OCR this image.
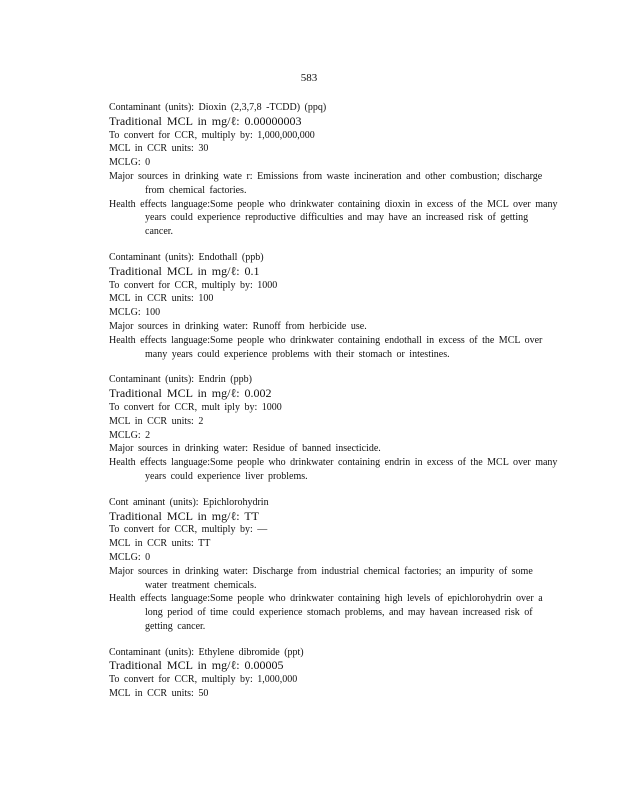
583
Contaminant (units): Dioxin (2,3,7,8 -TCDD) (ppq)
Traditional MCL in mg/ℓ: 0.00000003
To convert for CCR, multiply by: 1,000,000,000
MCL in CCR units: 30
MCLG: 0
Major sources in drinking wate r: Emissions from waste incineration and other combustion; discharge from chemical factories.
Health effects language:Some people who drinkwater containing dioxin in excess of the MCL over many years could experience reproductive difficulties and may have an increased risk of getting cancer.
Contaminant (units): Endothall (ppb)
Traditional MCL in mg/ℓ: 0.1
To convert for CCR, multiply by: 1000
MCL in CCR units: 100
MCLG: 100
Major sources in drinking water: Runoff from herbicide use.
Health effects language:Some people who drinkwater containing endothall in excess of the MCL over many years could experience problems with their stomach or intestines.
Contaminant (units): Endrin (ppb)
Traditional MCL in mg/ℓ: 0.002
To convert for CCR, mult iply by: 1000
MCL in CCR units: 2
MCLG: 2
Major sources in drinking water: Residue of banned insecticide.
Health effects language:Some people who drinkwater containing endrin in excess of the MCL over many years could experience liver problems.
Cont aminant (units): Epichlorohydrin
Traditional MCL in mg/ℓ: TT
To convert for CCR, multiply by: —
MCL in CCR units: TT
MCLG: 0
Major sources in drinking water: Discharge from industrial chemical factories; an impurity of some water treatment chemicals.
Health effects language:Some people who drinkwater containing high levels of epichlorohydrin over a long period of time could experience stomach problems, and may havean increased risk of getting cancer.
Contaminant (units): Ethylene dibromide (ppt)
Traditional MCL in mg/ℓ: 0.00005
To convert for CCR, multiply by: 1,000,000
MCL in CCR units: 50
